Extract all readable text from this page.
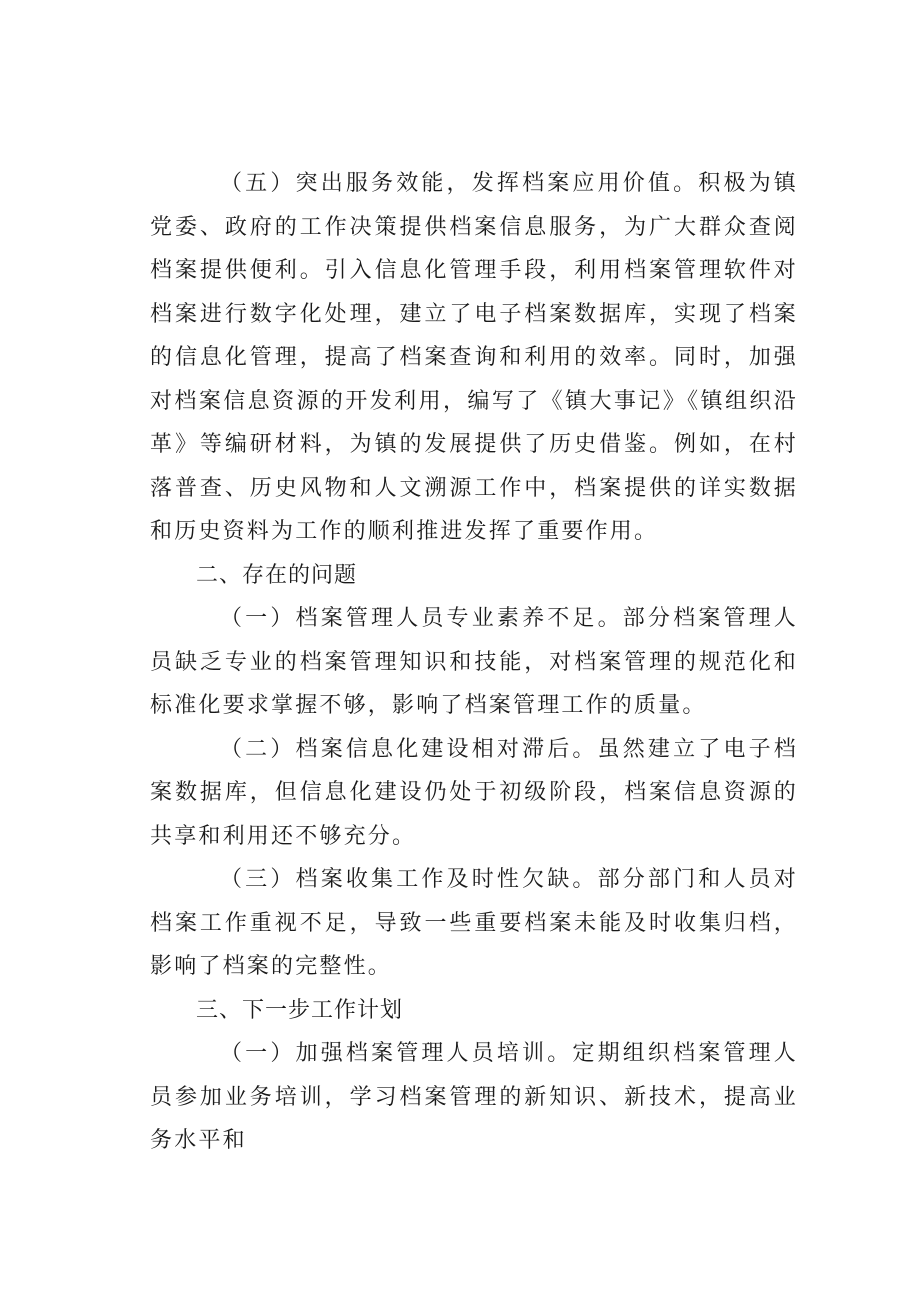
（五）突出服务效能，发挥档案应用价值。积极为镇党委、政府的工作决策提供档案信息服务，为广大群众查阅档案提供便利。引入信息化管理手段，利用档案管理软件对档案进行数字化处理，建立了电子档案数据库，实现了档案的信息化管理，提高了档案查询和利用的效率。同时，加强对档案信息资源的开发利用，编写了《镇大事记》《镇组织沿革》等编研材料，为镇的发展提供了历史借鉴。例如，在村落普查、历史风物和人文溯源工作中，档案提供的详实数据和历史资料为工作的顺利推进发挥了重要作用。

二、存在的问题

（一）档案管理人员专业素养不足。部分档案管理人员缺乏专业的档案管理知识和技能，对档案管理的规范化和标准化要求掌握不够，影响了档案管理工作的质量。

（二）档案信息化建设相对滞后。虽然建立了电子档案数据库，但信息化建设仍处于初级阶段，档案信息资源的共享和利用还不够充分。

（三）档案收集工作及时性欠缺。部分部门和人员对档案工作重视不足，导致一些重要档案未能及时收集归档，影响了档案的完整性。

三、下一步工作计划

（一）加强档案管理人员培训。定期组织档案管理人员参加业务培训，学习档案管理的新知识、新技术，提高业务水平和
